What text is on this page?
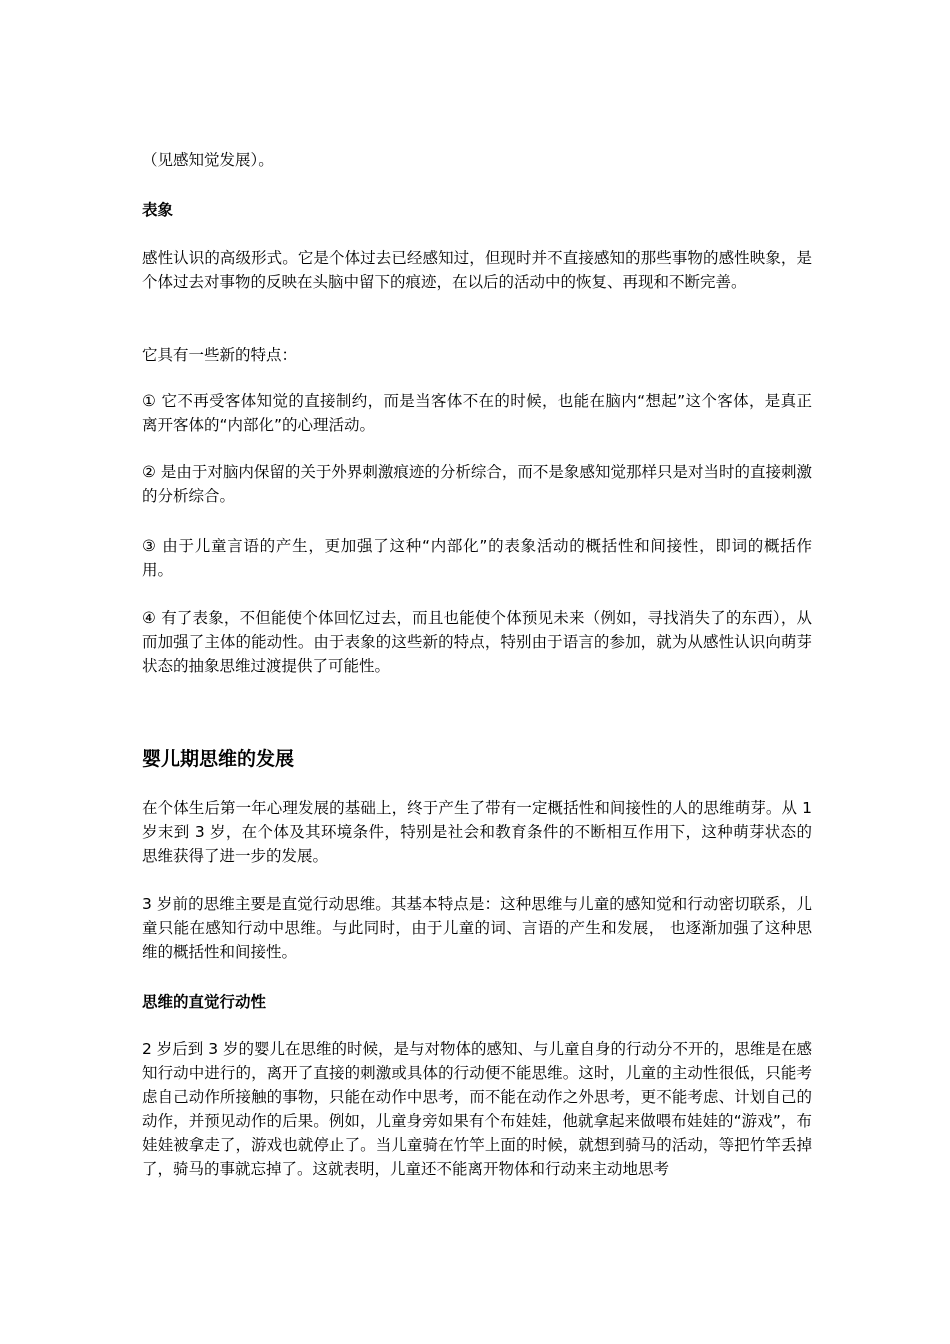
（见感知觉发展）。

表象

感性认识的高级形式。它是个体过去已经感知过，但现时并不直接感知的那些事物的感性映象，是个体过去对事物的反映在头脑中留下的痕迹，在以后的活动中的恢复、再现和不断完善。

它具有一些新的特点：

① 它不再受客体知觉的直接制约，而是当客体不在的时候，也能在脑内“想起”这个客体，是真正离开客体的“内部化”的心理活动。

② 是由于对脑内保留的关于外界刺激痕迹的分析综合，而不是象感知觉那样只是对当时的直接刺激的分析综合。

③ 由于儿童言语的产生，更加强了这种“内部化”的表象活动的概括性和间接性，即词的概括作用。

④ 有了表象，不但能使个体回忆过去，而且也能使个体预见未来（例如，寻找消失了的东西），从而加强了主体的能动性。由于表象的这些新的特点，特别由于语言的参加，就为从感性认识向萌芽状态的抽象思维过渡提供了可能性。

婴儿期思维的发展

在个体生后第一年心理发展的基础上，终于产生了带有一定概括性和间接性的人的思维萌芽。从 1 岁末到 3 岁，在个体及其环境条件，特别是社会和教育条件的不断相互作用下，这种萌芽状态的思维获得了进一步的发展。

3 岁前的思维主要是直觉行动思维。其基本特点是：这种思维与儿童的感知觉和行动密切联系，儿童只能在感知行动中思维。与此同时，由于儿童的词、言语的产生和发展， 也逐渐加强了这种思维的概括性和间接性。

思维的直觉行动性

2 岁后到 3 岁的婴儿在思维的时候，是与对物体的感知、与儿童自身的行动分不开的，思维是在感知行动中进行的，离开了直接的刺激或具体的行动便不能思维。这时，儿童的主动性很低，只能考虑自己动作所接触的事物，只能在动作中思考，而不能在动作之外思考，更不能考虑、计划自己的动作，并预见动作的后果。例如，儿童身旁如果有个布娃娃，他就拿起来做喂布娃娃的“游戏”，布娃娃被拿走了，游戏也就停止了。当儿童骑在竹竿上面的时候，就想到骑马的活动，等把竹竿丢掉了，骑马的事就忘掉了。这就表明，儿童还不能离开物体和行动来主动地思考
